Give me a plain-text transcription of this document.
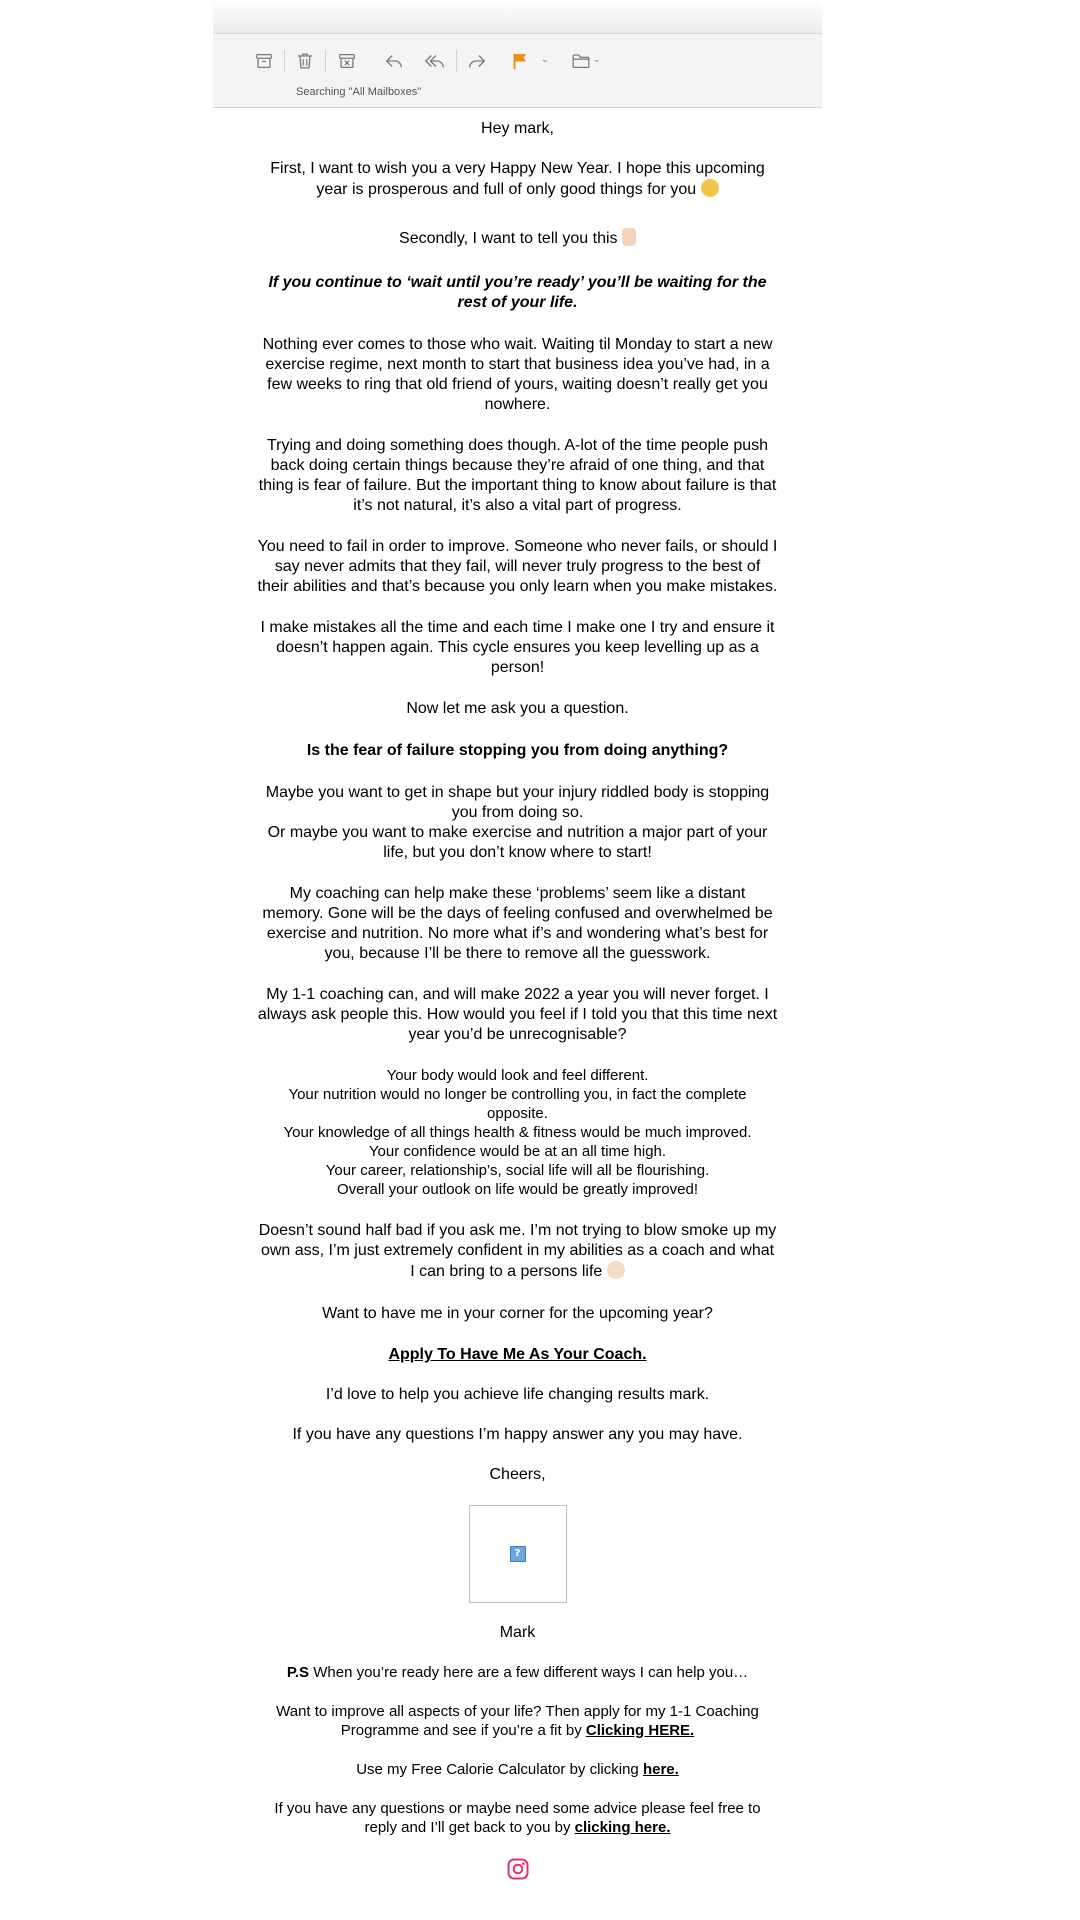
⌄	⌄
Searching "All Mailboxes"

Hey mark,

First, I want to wish you a very Happy New Year. I hope this upcoming year is prosperous and full of only good things for you
Secondly, I want to tell you this
If you continue to ‘wait until you’re ready’ you’ll be waiting for the rest of your life.
Nothing ever comes to those who wait. Waiting til Monday to start a new exercise regime, next month to start that business idea you’ve had, in a few weeks to ring that old friend of yours, waiting doesn’t really get you nowhere.
Trying and doing something does though. A-lot of the time people push back doing certain things because they’re afraid of one thing, and that thing is fear of failure. But the important thing to know about failure is that it’s not natural, it’s also a vital part of progress.
You need to fail in order to improve. Someone who never fails, or should I say never admits that they fail, will never truly progress to the best of their abilities and that’s because you only learn when you make mistakes.
I make mistakes all the time and each time I make one I try and ensure it doesn’t happen again. This cycle ensures you keep levelling up as a person!
Now let me ask you a question.
Is the fear of failure stopping you from doing anything?
Maybe you want to get in shape but your injury riddled body is stopping you from doing so.
Or maybe you want to make exercise and nutrition a major part of your life, but you don’t know where to start!
My coaching can help make these ‘problems’ seem like a distant memory. Gone will be the days of feeling confused and overwhelmed be exercise and nutrition. No more what if’s and wondering what’s best for you, because I’ll be there to remove all the guesswork.
My 1-1 coaching can, and will make 2022 a year you will never forget. I always ask people this. How would you feel if I told you that this time next year you’d be unrecognisable?
Your body would look and feel different.
Your nutrition would no longer be controlling you, in fact the complete opposite.
Your knowledge of all things health & fitness would be much improved.
Your confidence would be at an all time high.
Your career, relationship’s, social life will all be flourishing.
Overall your outlook on life would be greatly improved!
Doesn’t sound half bad if you ask me. I’m not trying to blow smoke up my own ass, I’m just extremely confident in my abilities as a coach and what I can bring to a persons life
Want to have me in your corner for the upcoming year?
Apply To Have Me As Your Coach.
I’d love to help you achieve life changing results mark.
If you have any questions I’m happy answer any you may have.
Cheers,
?
Mark
P.S When you’re ready here are a few different ways I can help you…
Want to improve all aspects of your life? Then apply for my 1-1 Coaching Programme and see if you’re a fit by Clicking HERE.
Use my Free Calorie Calculator by clicking here.
If you have any questions or maybe need some advice please feel free to reply and I’ll get back to you by clicking here.
